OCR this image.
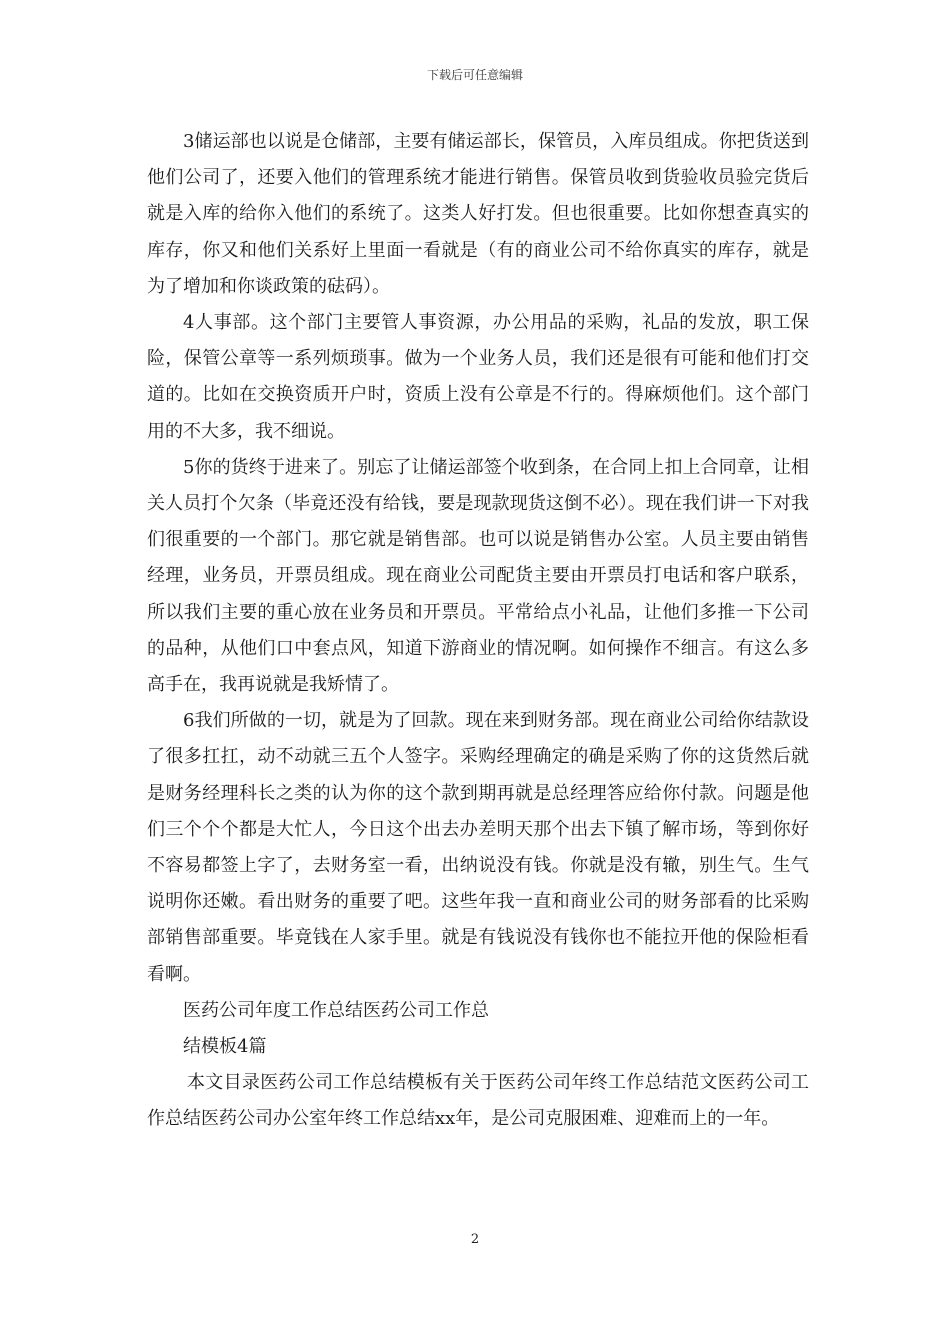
下载后可任意编辑

3储运部也以说是仓储部，主要有储运部长，保管员，入库员组成。你把货送到他们公司了，还要入他们的管理系统才能进行销售。保管员收到货验收员验完货后就是入库的给你入他们的系统了。这类人好打发。但也很重要。比如你想查真实的库存，你又和他们关系好上里面一看就是（有的商业公司不给你真实的库存，就是为了增加和你谈政策的砝码）。

4人事部。这个部门主要管人事资源，办公用品的采购，礼品的发放，职工保险，保管公章等一系列烦琐事。做为一个业务人员，我们还是很有可能和他们打交道的。比如在交换资质开户时，资质上没有公章是不行的。得麻烦他们。这个部门用的不大多，我不细说。

5你的货终于进来了。别忘了让储运部签个收到条，在合同上扣上合同章，让相关人员打个欠条（毕竟还没有给钱，要是现款现货这倒不必）。现在我们讲一下对我们很重要的一个部门。那它就是销售部。也可以说是销售办公室。人员主要由销售经理，业务员，开票员组成。现在商业公司配货主要由开票员打电话和客户联系，所以我们主要的重心放在业务员和开票员。平常给点小礼品，让他们多推一下公司的品种，从他们口中套点风，知道下游商业的情况啊。如何操作不细言。有这么多高手在，我再说就是我矫情了。

6我们所做的一切，就是为了回款。现在来到财务部。现在商业公司给你结款设了很多扛扛，动不动就三五个人签字。采购经理确定的确是采购了你的这货然后就是财务经理科长之类的认为你的这个款到期再就是总经理答应给你付款。问题是他们三个个个都是大忙人，今日这个出去办差明天那个出去下镇了解市场，等到你好不容易都签上字了，去财务室一看，出纳说没有钱。你就是没有辙，别生气。生气说明你还嫩。看出财务的重要了吧。这些年我一直和商业公司的财务部看的比采购部销售部重要。毕竟钱在人家手里。就是有钱说没有钱你也不能拉开他的保险柜看看啊。

医药公司年度工作总结医药公司工作总

结模板4篇

本文目录医药公司工作总结模板有关于医药公司年终工作总结范文医药公司工作总结医药公司办公室年终工作总结xx年，是公司克服困难、迎难而上的一年。

2
